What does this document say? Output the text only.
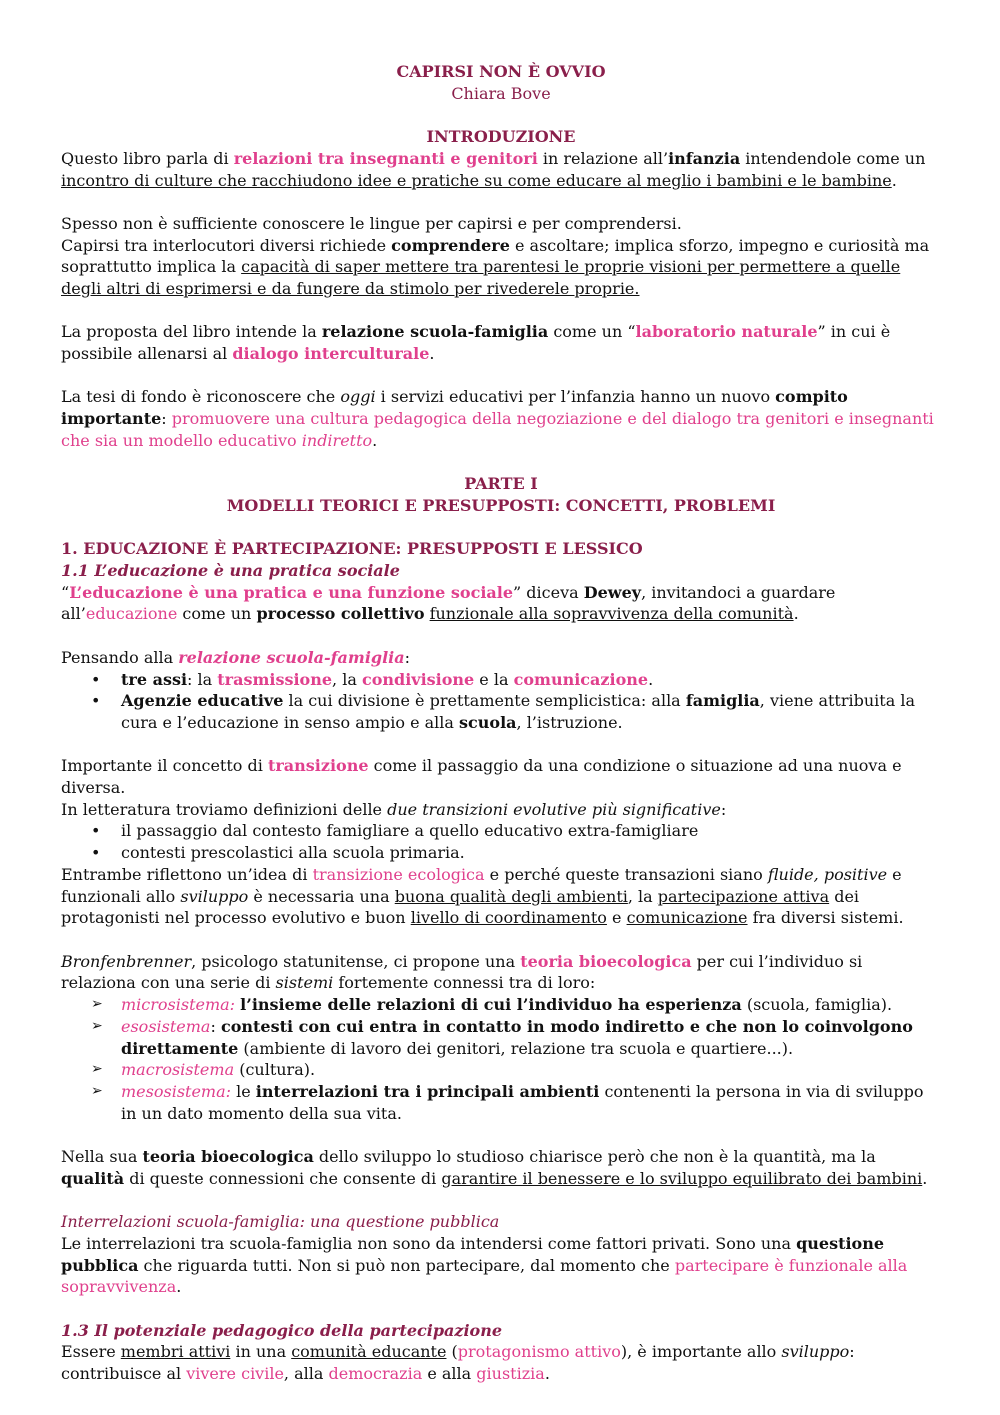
CAPIRSI NON È OVVIO
Chiara Bove
INTRODUZIONE

Questo libro parla di relazioni tra insegnanti e genitori in relazione all’infanzia intendendole come un incontro di culture che racchiudono idee e pratiche su come educare al meglio i bambini e le bambine.

Spesso non è sufficiente conoscere le lingue per capirsi e per comprendersi.

Capirsi tra interlocutori diversi richiede comprendere e ascoltare; implica sforzo, impegno e curiosità ma soprattutto implica la capacità di saper mettere tra parentesi le proprie visioni per permettere a quelle degli altri di esprimersi e da fungere da stimolo per rivederele proprie.

La proposta del libro intende la relazione scuola-famiglia come un “laboratorio naturale” in cui è possibile allenarsi al dialogo interculturale.

La tesi di fondo è riconoscere che oggi i servizi educativi per l’infanzia hanno un nuovo compito importante: promuovere una cultura pedagogica della negoziazione e del dialogo tra genitori e insegnanti che sia un modello educativo indiretto.

PARTE I
MODELLI TEORICI E PRESUPPOSTI: CONCETTI, PROBLEMI
1. EDUCAZIONE È PARTECIPAZIONE: PRESUPPOSTI E LESSICO
1.1 L’educazione è una pratica sociale

“L’educazione è una pratica e una funzione sociale” diceva Dewey, invitandoci a guardare all’educazione come un processo collettivo funzionale alla sopravvivenza della comunità.

Pensando alla relazione scuola-famiglia:

• tre assi: la trasmissione, la condivisione e la comunicazione.
• Agenzie educative la cui divisione è prettamente semplicistica: alla famiglia, viene attribuita la cura e l’educazione in senso ampio e alla scuola, l’istruzione.

Importante il concetto di transizione come il passaggio da una condizione o situazione ad una nuova e diversa.

In letteratura troviamo definizioni delle due transizioni evolutive più significative:

• il passaggio dal contesto famigliare a quello educativo extra-famigliare
• contesti prescolastici alla scuola primaria.

Entrambe riflettono un’idea di transizione ecologica e perché queste transazioni siano fluide, positive e funzionali allo sviluppo è necessaria una buona qualità degli ambienti, la partecipazione attiva dei protagonisti nel processo evolutivo e buon livello di coordinamento e comunicazione fra diversi sistemi.

Bronfenbrenner, psicologo statunitense, ci propone una teoria bioecologica per cui l’individuo si relaziona con una serie di sistemi fortemente connessi tra di loro:

➢ microsistema: l’insieme delle relazioni di cui l’individuo ha esperienza (scuola, famiglia).
➢ esosistema: contesti con cui entra in contatto in modo indiretto e che non lo coinvolgono direttamente (ambiente di lavoro dei genitori, relazione tra scuola e quartiere...).
➢ macrosistema (cultura).
➢ mesosistema: le interrelazioni tra i principali ambienti contenenti la persona in via di sviluppo in un dato momento della sua vita.

Nella sua teoria bioecologica dello sviluppo lo studioso chiarisce però che non è la quantità, ma la qualità di queste connessioni che consente di garantire il benessere e lo sviluppo equilibrato dei bambini.

Interrelazioni scuola-famiglia: una questione pubblica

Le interrelazioni tra scuola-famiglia non sono da intendersi come fattori privati. Sono una questione pubblica che riguarda tutti. Non si può non partecipare, dal momento che partecipare è funzionale alla sopravvivenza.

1.3 Il potenziale pedagogico della partecipazione

Essere membri attivi in una comunità educante (protagonismo attivo), è importante allo sviluppo: contribuisce al vivere civile, alla democrazia e alla giustizia.
